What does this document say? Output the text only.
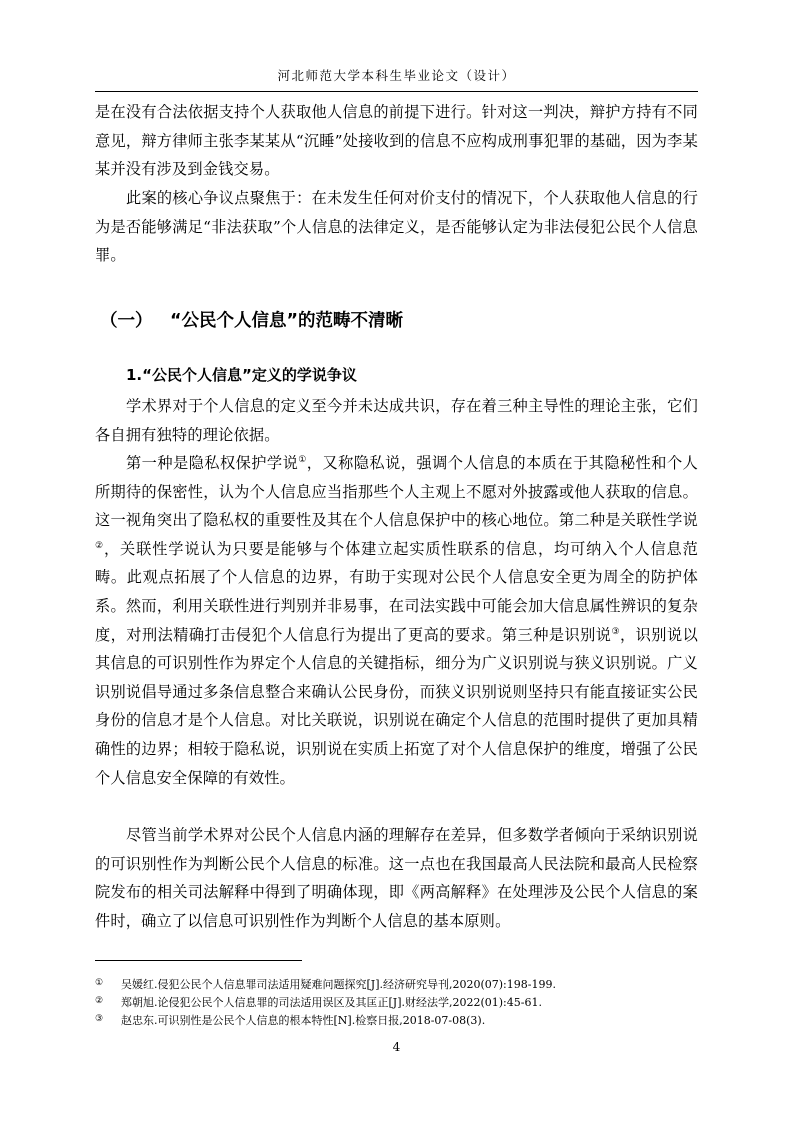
河北师范大学本科生毕业论文（设计）

是在没有合法依据支持个人获取他人信息的前提下进行。针对这一判决，辩护方持有不同意见，辩方律师主张李某某从“沉睡”处接收到的信息不应构成刑事犯罪的基础，因为李某某并没有涉及到金钱交易。

此案的核心争议点聚焦于：在未发生任何对价支付的情况下，个人获取他人信息的行为是否能够满足“非法获取”个人信息的法律定义，是否能够认定为非法侵犯公民个人信息罪。

（一） “公民个人信息”的范畴不清晰
1.“公民个人信息”定义的学说争议

学术界对于个人信息的定义至今并未达成共识，存在着三种主导性的理论主张，它们各自拥有独特的理论依据。

第一种是隐私权保护学说①，又称隐私说，强调个人信息的本质在于其隐秘性和个人所期待的保密性，认为个人信息应当指那些个人主观上不愿对外披露或他人获取的信息。这一视角突出了隐私权的重要性及其在个人信息保护中的核心地位。第二种是关联性学说②，关联性学说认为只要是能够与个体建立起实质性联系的信息，均可纳入个人信息范畴。此观点拓展了个人信息的边界，有助于实现对公民个人信息安全更为周全的防护体系。然而，利用关联性进行判别并非易事，在司法实践中可能会加大信息属性辨识的复杂度，对刑法精确打击侵犯个人信息行为提出了更高的要求。第三种是识别说③，识别说以其信息的可识别性作为界定个人信息的关键指标，细分为广义识别说与狭义识别说。广义识别说倡导通过多条信息整合来确认公民身份，而狭义识别说则坚持只有能直接证实公民身份的信息才是个人信息。对比关联说，识别说在确定个人信息的范围时提供了更加具精确性的边界；相较于隐私说，识别说在实质上拓宽了对个人信息保护的维度，增强了公民个人信息安全保障的有效性。

尽管当前学术界对公民个人信息内涵的理解存在差异，但多数学者倾向于采纳识别说的可识别性作为判断公民个人信息的标准。这一点也在我国最高人民法院和最高人民检察院发布的相关司法解释中得到了明确体现，即《两高解释》在处理涉及公民个人信息的案件时，确立了以信息可识别性作为判断个人信息的基本原则。

① 吴媛红.侵犯公民个人信息罪司法适用疑难问题探究[J].经济研究导刊,2020(07):198-199.
② 郑朝旭.论侵犯公民个人信息罪的司法适用误区及其匡正[J].财经法学,2022(01):45-61.
③ 赵忠东.可识别性是公民个人信息的根本特性[N].检察日报,2018-07-08(3).
4
